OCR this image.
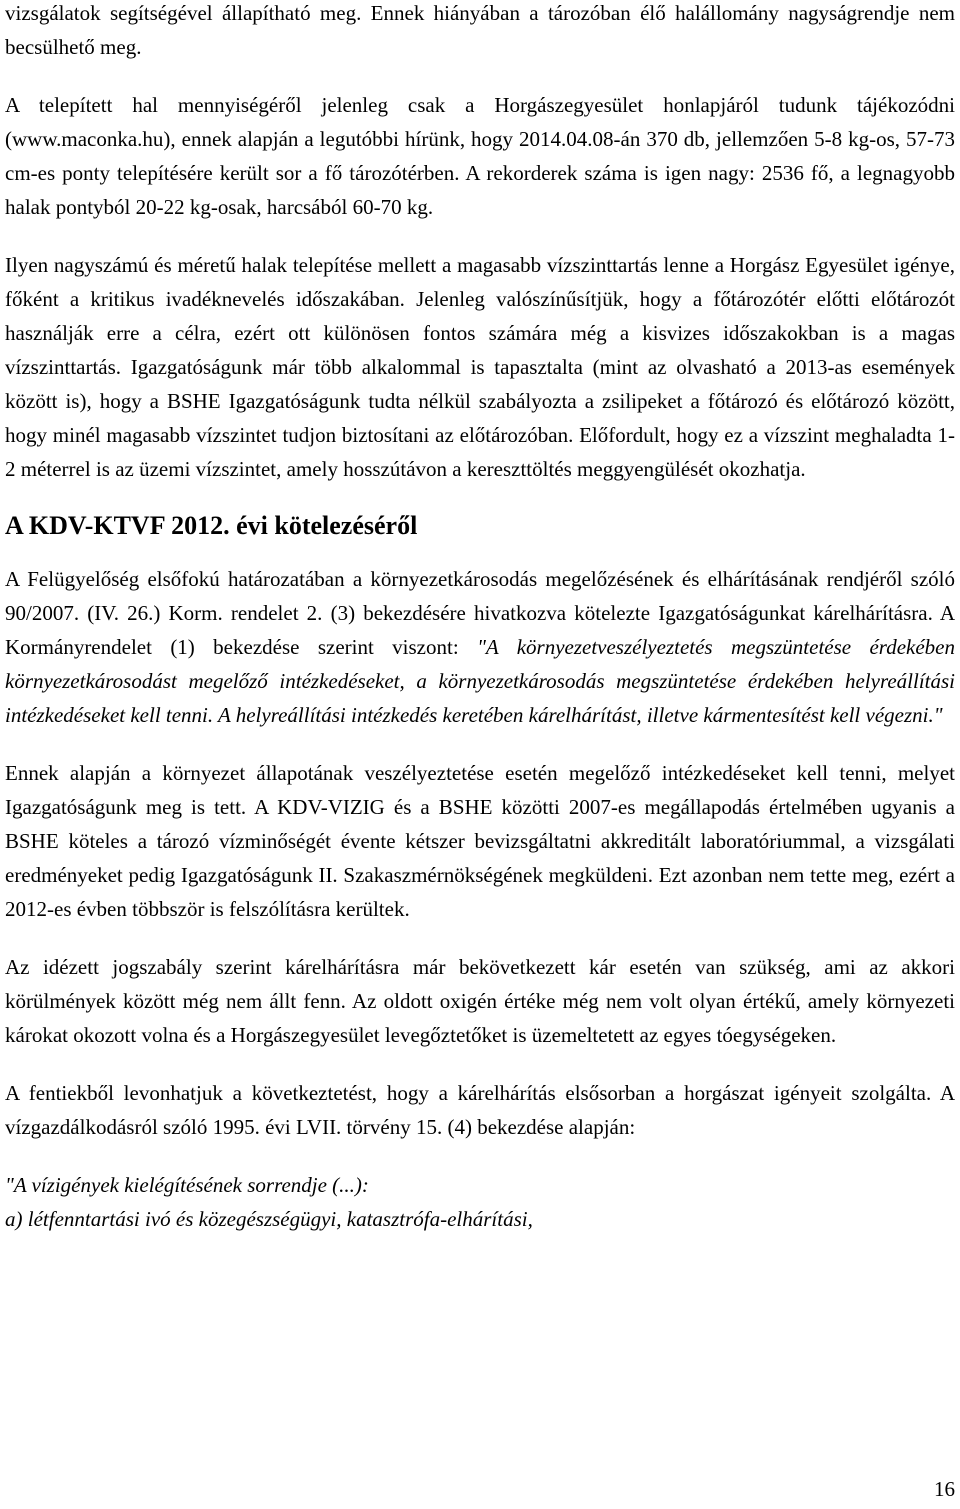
vizsgálatok segítségével állapítható meg. Ennek hiányában a tározóban élő halállomány nagyságrendje nem becsülhető meg.

A telepített hal mennyiségéről jelenleg csak a Horgászegyesület honlapjáról tudunk tájékozódni (www.maconka.hu), ennek alapján a legutóbbi hírünk, hogy 2014.04.08-án 370 db, jellemzően 5-8 kg-os, 57-73 cm-es ponty telepítésére került sor a fő tározótérben. A rekorderek száma is igen nagy: 2536 fő, a legnagyobb halak pontyból 20-22 kg-osak, harcsából 60-70 kg.

Ilyen nagyszámú és méretű halak telepítése mellett a magasabb vízszinttartás lenne a Horgász Egyesület igénye, főként a kritikus ivadéknevelés időszakában. Jelenleg valószínűsítjük, hogy a főtározótér előtti előtározót használják erre a célra, ezért ott különösen fontos számára még a kisvizes időszakokban is a magas vízszinttartás. Igazgatóságunk már több alkalommal is tapasztalta (mint az olvasható a 2013-as események között is), hogy a BSHE Igazgatóságunk tudta nélkül szabályozta a zsilipeket a főtározó és előtározó között, hogy minél magasabb vízszintet tudjon biztosítani az előtározóban. Előfordult, hogy ez a vízszint meghaladta 1-2 méterrel is az üzemi vízszintet, amely hosszútávon a kereszttöltés meggyengülését okozhatja.

A KDV-KTVF 2012. évi kötelezéséről

A Felügyelőség elsőfokú határozatában a környezetkárosodás megelőzésének és elhárításának rendjéről szóló 90/2007. (IV. 26.) Korm. rendelet 2. (3) bekezdésére hivatkozva kötelezte Igazgatóságunkat kárelhárításra. A Kormányrendelet (1) bekezdése szerint viszont: "A környezetveszélyeztetés megszüntetése érdekében környezetkárosodást megelőző intézkedéseket, a környezetkárosodás megszüntetése érdekében helyreállítási intézkedéseket kell tenni. A helyreállítási intézkedés keretében kárelhárítást, illetve kármentesítést kell végezni."

Ennek alapján a környezet állapotának veszélyeztetése esetén megelőző intézkedéseket kell tenni, melyet Igazgatóságunk meg is tett. A KDV-VIZIG és a BSHE közötti 2007-es megállapodás értelmében ugyanis a BSHE köteles a tározó vízminőségét évente kétszer bevizsgáltatni akkreditált laboratóriummal, a vizsgálati eredményeket pedig Igazgatóságunk II. Szakaszmérnökségének megküldeni. Ezt azonban nem tette meg, ezért a 2012-es évben többször is felszólításra kerültek.

Az idézett jogszabály szerint kárelhárításra már bekövetkezett kár esetén van szükség, ami az akkori körülmények között még nem állt fenn. Az oldott oxigén értéke még nem volt olyan értékű, amely környezeti károkat okozott volna és a Horgászegyesület levegőztetőket is üzemeltetett az egyes tóegységeken.

A fentiekből levonhatjuk a következtetést, hogy a kárelhárítás elsősorban a horgászat igényeit szolgálta. A vízgazdálkodásról szóló 1995. évi LVII. törvény 15. (4) bekezdése alapján:

"A vízigények kielégítésének sorrendje (...):

a) létfenntartási ivó és közegészségügyi, katasztrófa-elhárítási,

16
